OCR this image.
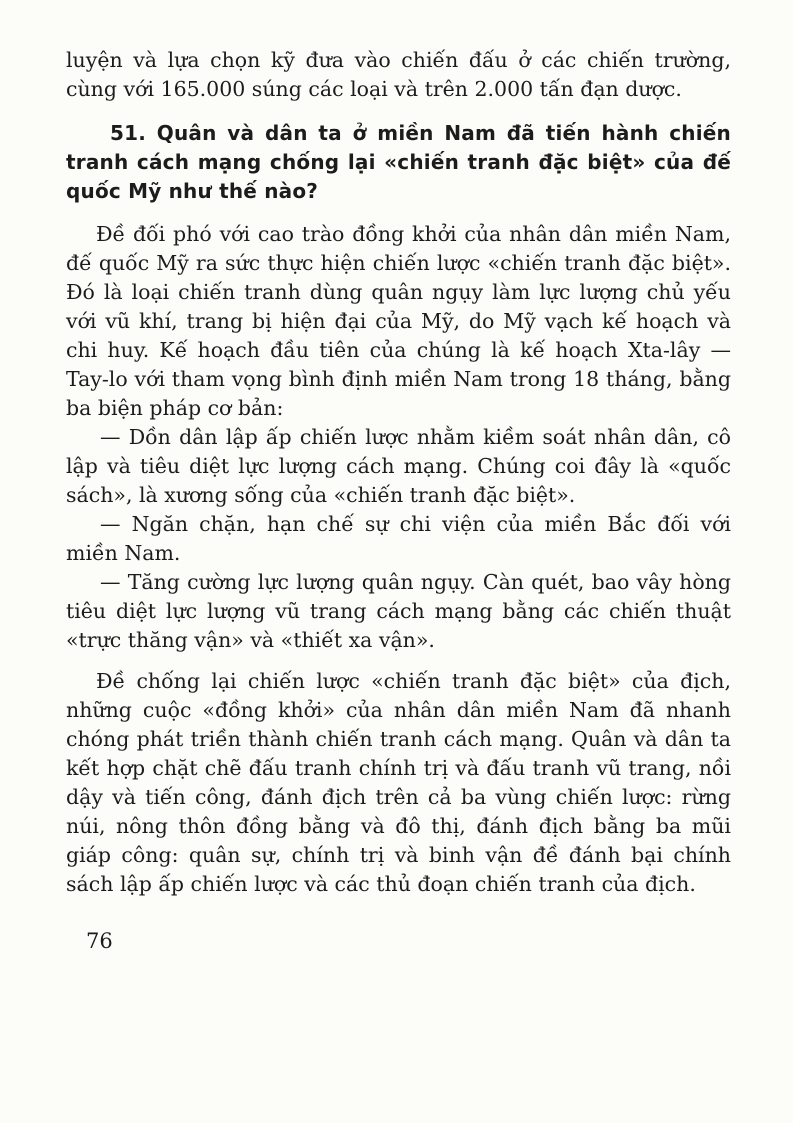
luyện và lựa chọn kỹ đưa vào chiến đấu ở các chiến trường, cùng với 165.000 súng các loại và trên 2.000 tấn đạn dược.

51. Quân và dân ta ở miền Nam đã tiến hành chiến tranh cách mạng chống lại «chiến tranh đặc biệt» của đế quốc Mỹ như thế nào?

Đề đối phó với cao trào đồng khởi của nhân dân miền Nam, đế quốc Mỹ ra sức thực hiện chiến lược «chiến tranh đặc biệt». Đó là loại chiến tranh dùng quân ngụy làm lực lượng chủ yếu với vũ khí, trang bị hiện đại của Mỹ, do Mỹ vạch kế hoạch và chi huy. Kế hoạch đầu tiên của chúng là kế hoạch Xta-lây — Tay-lo với tham vọng bình định miền Nam trong 18 tháng, bằng ba biện pháp cơ bản:

— Dồn dân lập ấp chiến lược nhằm kiềm soát nhân dân, cô lập và tiêu diệt lực lượng cách mạng. Chúng coi đây là «quốc sách», là xương sống của «chiến tranh đặc biệt».

— Ngăn chặn, hạn chế sự chi viện của miền Bắc đối với miền Nam.

— Tăng cường lực lượng quân ngụy. Càn quét, bao vây hòng tiêu diệt lực lượng vũ trang cách mạng bằng các chiến thuật «trực thăng vận» và «thiết xa vận».

Đề chống lại chiến lược «chiến tranh đặc biệt» của địch, những cuộc «đồng khởi» của nhân dân miền Nam đã nhanh chóng phát triền thành chiến tranh cách mạng. Quân và dân ta kết hợp chặt chẽ đấu tranh chính trị và đấu tranh vũ trang, nồi dậy và tiến công, đánh địch trên cả ba vùng chiến lược: rừng núi, nông thôn đồng bằng và đô thị, đánh địch bằng ba mũi giáp công: quân sự, chính trị và binh vận đề đánh bại chính sách lập ấp chiến lược và các thủ đoạn chiến tranh của địch.

76
